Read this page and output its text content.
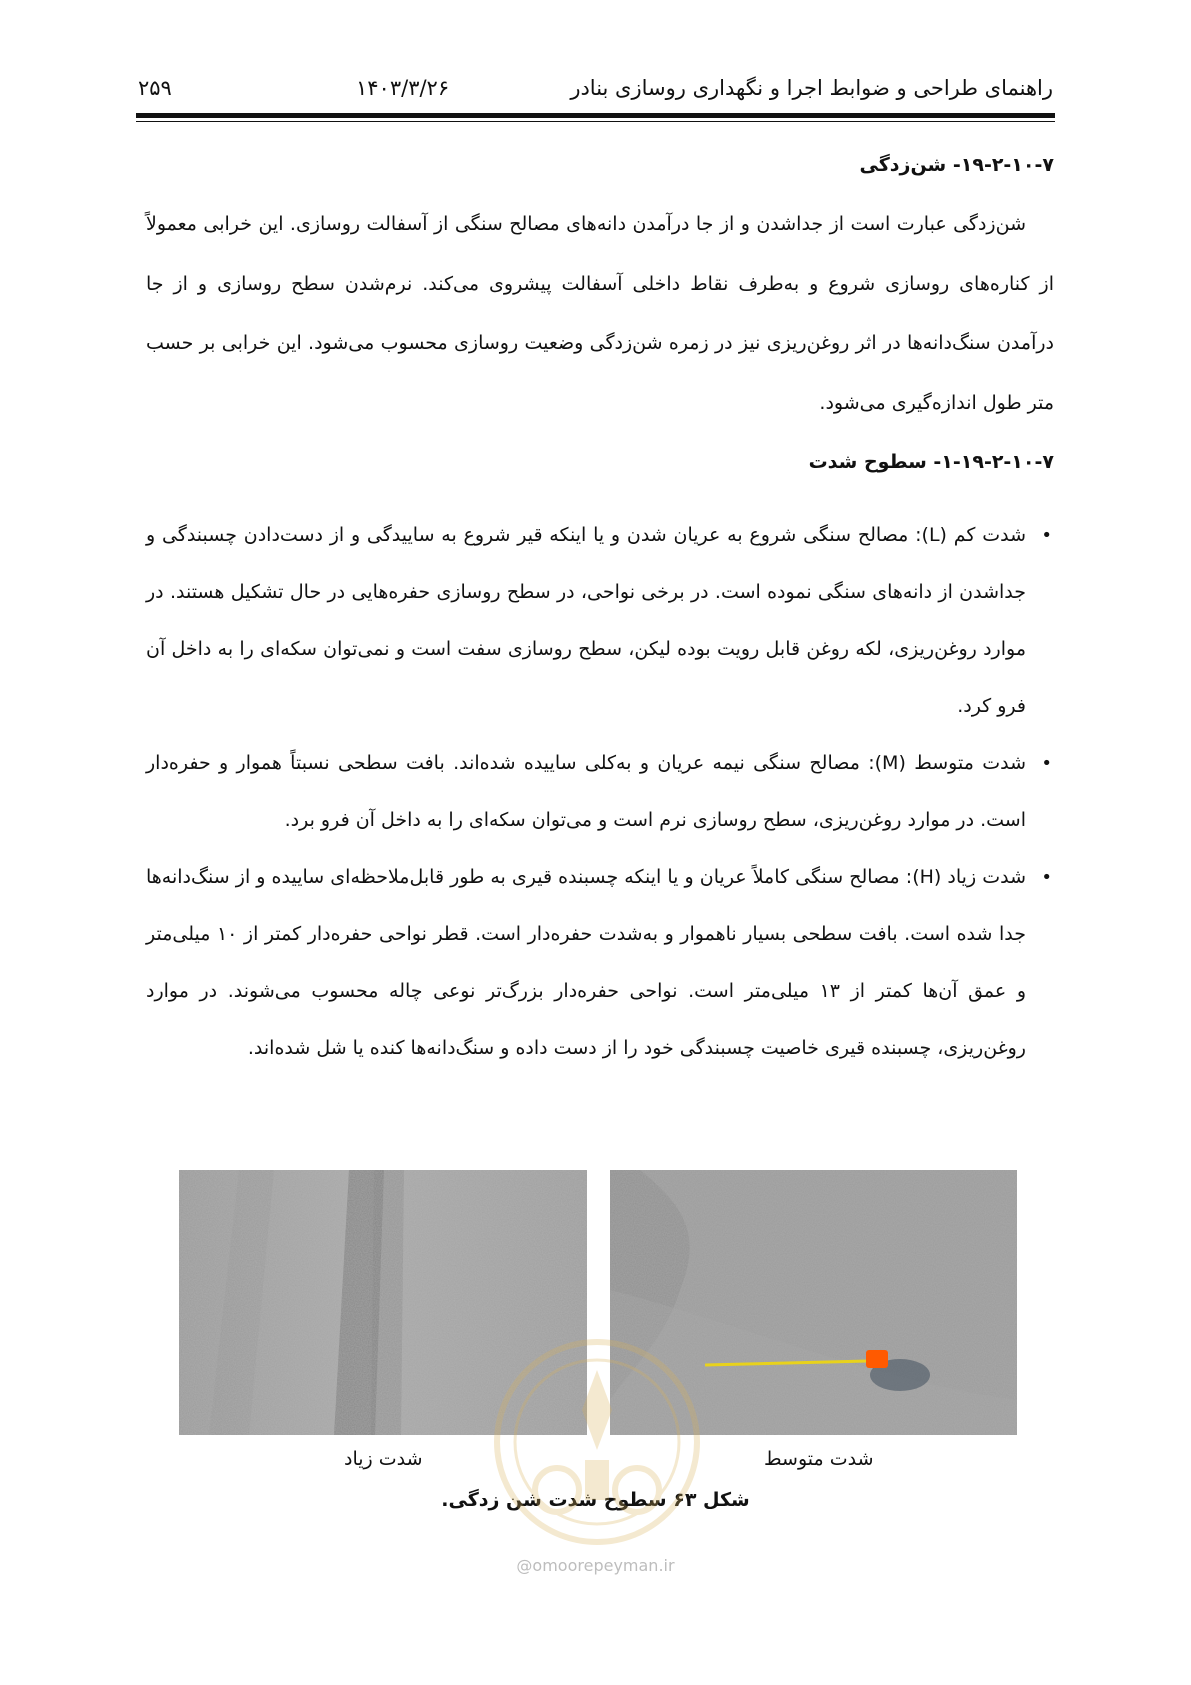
راهنمای طراحی و ضوابط اجرا و نگهداری روسازی بنادر
۱۴۰۳/۳/۲۶
۲۵۹

۱۹-۲-۱۰-۷- شن‌زدگی

شن‌زدگی عبارت است از جداشدن و از جا درآمدن دانه‌های مصالح سنگی از آسفالت روسازی. این خرابی معمولاً از کناره‌های روسازی شروع و به‌طرف نقاط داخلی آسفالت پیشروی می‌کند. نرم‌شدن سطح روسازی و از جا درآمدن سنگ‌دانه‌ها در اثر روغن‌ریزی نیز در زمره شن‌زدگی وضعیت روسازی محسوب می‌شود. این خرابی بر حسب متر طول اندازه‌گیری می‌شود.

۱-۱۹-۲-۱۰-۷- سطوح شدت

•
شدت کم (L): مصالح سنگی شروع به عریان شدن و یا اینکه قیر شروع به ساییدگی و از دست‌دادن چسبندگی و جداشدن از دانه‌های سنگی نموده است. در برخی نواحی، در سطح روسازی حفره‌هایی در حال تشکیل هستند. در موارد روغن‌ریزی، لکه روغن قابل رویت بوده لیکن، سطح روسازی سفت است و نمی‌توان سکه‌ای را به داخل آن فرو کرد.
•
شدت متوسط (M): مصالح سنگی نیمه عریان و به‌کلی ساییده شده‌اند. بافت سطحی نسبتاً هموار و حفره‌دار است. در موارد روغن‌ریزی، سطح روسازی نرم است و می‌توان سکه‌ای را به داخل آن فرو برد.
•
شدت زیاد (H): مصالح سنگی کاملاً عریان و یا اینکه چسبنده قیری به طور قابل‌ملاحظه‌ای ساییده و از سنگ‌دانه‌ها جدا شده است. بافت سطحی بسیار ناهموار و به‌شدت حفره‌دار است. قطر نواحی حفره‌دار کمتر از ۱۰ میلی‌متر و عمق آن‌ها کمتر از ۱۳ میلی‌متر است. نواحی حفره‌دار بزرگ‌تر نوعی چاله محسوب می‌شوند. در موارد روغن‌ریزی، چسبنده قیری خاصیت چسبندگی خود را از دست داده و سنگ‌دانه‌ها کنده یا شل شده‌اند.
شدت زیاد	شدت متوسط
شکل ۶۳ سطوح شدت شن زدگی.
@omoorepeyman.ir
